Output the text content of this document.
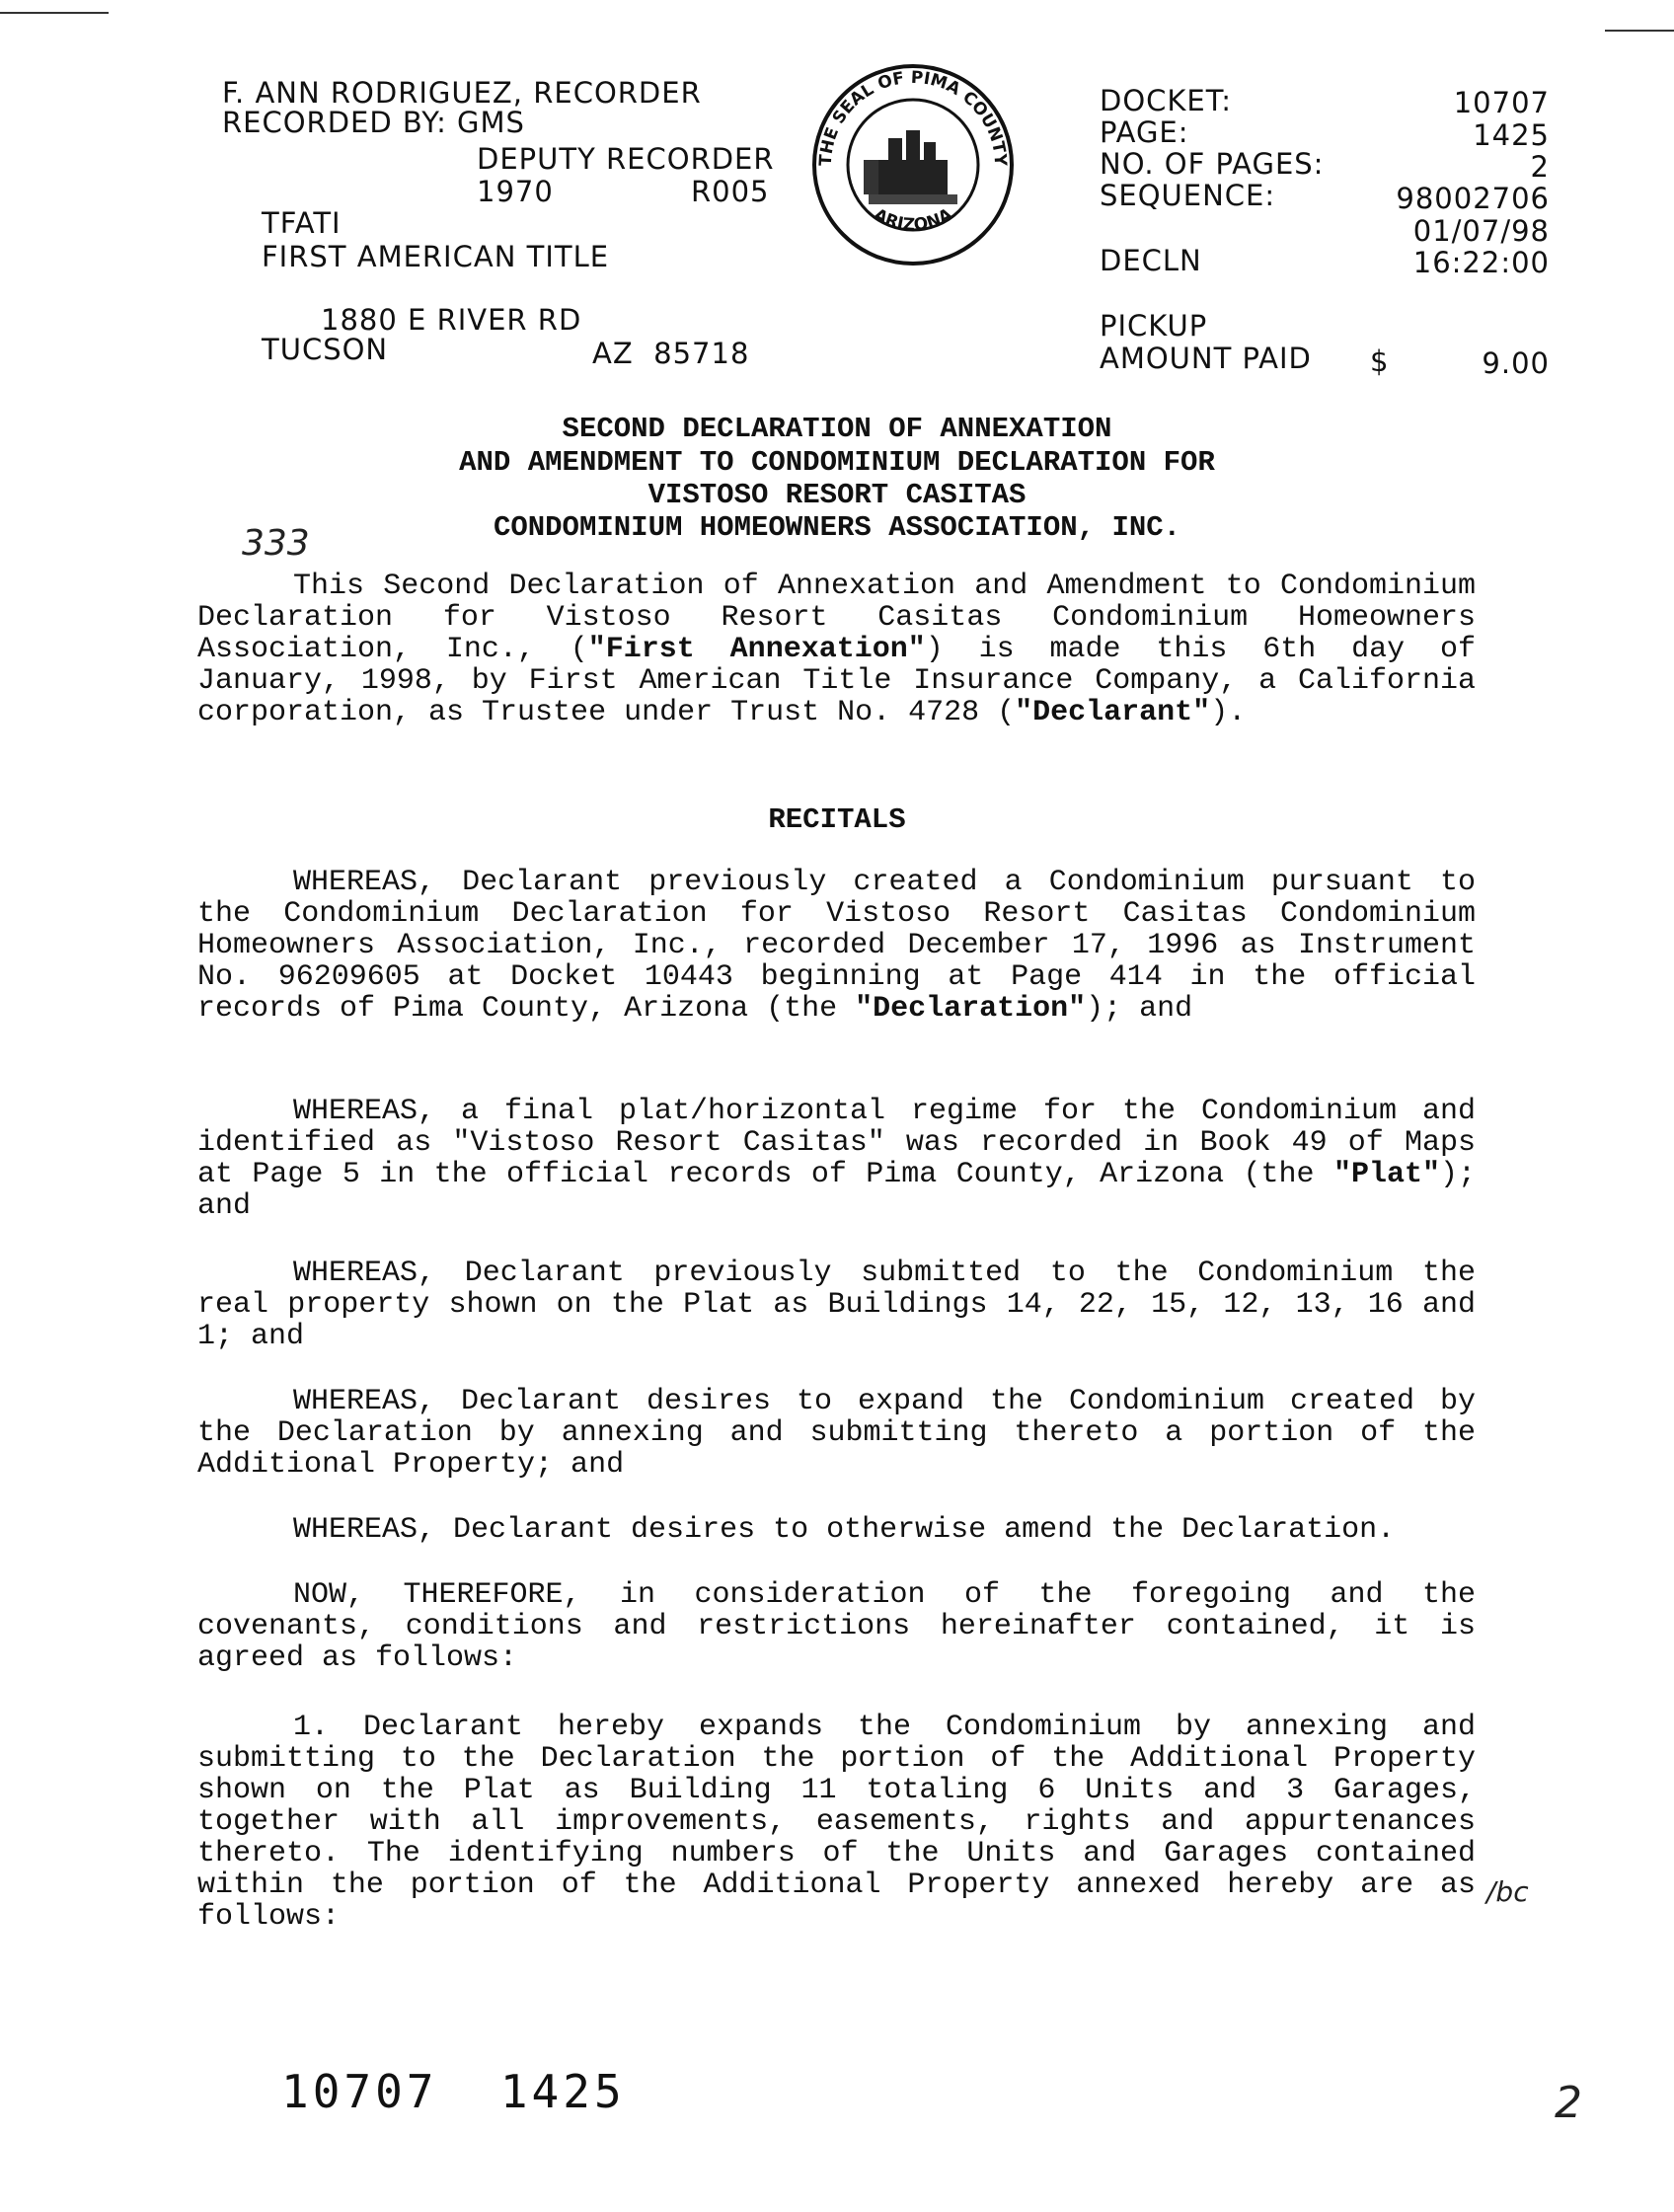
F. ANN RODRIGUEZ, RECORDER
RECORDED BY: GMS
DEPUTY RECORDER
1970	R005
TFATI
FIRST AMERICAN TITLE
1880 E RIVER RD
TUCSON	AZ  85718
THE SEAL OF PIMA COUNTY
ARIZONA
DOCKET:	10707
PAGE:	1425
NO. OF PAGES:	2
SEQUENCE:	98002706
01/07/98
DECLN	16:22:00
PICKUP
AMOUNT PAID $	9.00
SECOND DECLARATION OF ANNEXATION
AND AMENDMENT TO CONDOMINIUM DECLARATION FOR
VISTOSO RESORT CASITAS
CONDOMINIUM HOMEOWNERS ASSOCIATION, INC.
333
This Second Declaration of Annexation and Amendment to Condominium Declaration for Vistoso Resort Casitas Condominium Homeowners Association, Inc., ("First Annexation") is made this 6th day of January, 1998, by First American Title Insurance Company, a California corporation, as Trustee under Trust No. 4728 ("Declarant").
RECITALS
WHEREAS, Declarant previously created a Condominium pursuant to the Condominium Declaration for Vistoso Resort Casitas Condominium Homeowners Association, Inc., recorded December 17, 1996 as Instrument No. 96209605 at Docket 10443 beginning at Page 414 in the official records of Pima County, Arizona (the "Declaration"); and
WHEREAS, a final plat/horizontal regime for the Condominium and identified as "Vistoso Resort Casitas" was recorded in Book 49 of Maps at Page 5 in the official records of Pima County, Arizona (the "Plat"); and
WHEREAS, Declarant previously submitted to the Condominium the real property shown on the Plat as Buildings 14, 22, 15, 12, 13, 16 and 1; and
WHEREAS, Declarant desires to expand the Condominium created by the Declaration by annexing and submitting thereto a portion of the Additional Property; and
WHEREAS, Declarant desires to otherwise amend the Declaration.
NOW, THEREFORE, in consideration of the foregoing and the covenants, conditions and restrictions hereinafter contained, it is agreed as follows:
1. Declarant hereby expands the Condominium by annexing and submitting to the Declaration the portion of the Additional Property shown on the Plat as Building 11 totaling 6 Units and 3 Garages, together with all improvements, easements, rights and appurtenances thereto. The identifying numbers of the Units and Garages contained within the portion of the Additional Property annexed hereby are as follows:
/bc
10707  1425	2
